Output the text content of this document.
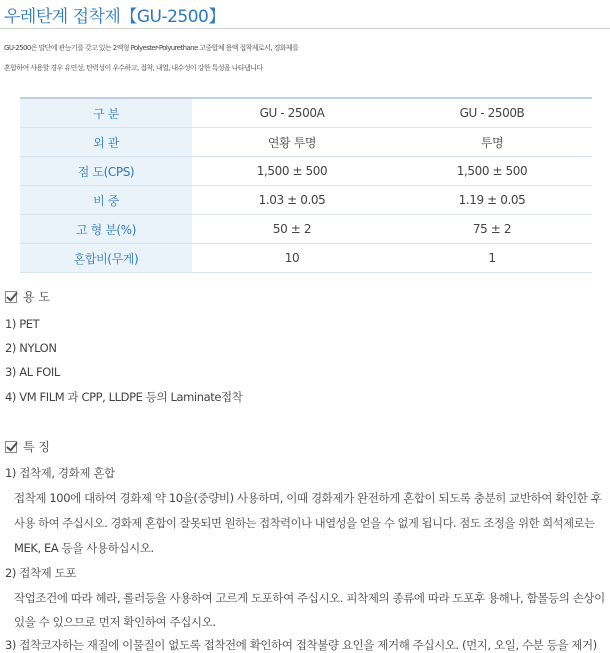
우레탄계 접착제【GU-2500】
GU-2500은 말단에 관능기를 갖고 있는 2액형 Polyester-Polyurethane 고중합체 용액 접착제로서, 경화제를
혼합하여 사용할 경우 유연성, 탄력성이 우수하고, 접착, 내열, 내수성이 강한 특성을 나타냅니다
구 분	GU - 2500A	GU - 2500B
외 관	연황 투명	투명
점 도(CPS)	1,500 ± 500	1,500 ± 500
비 중	1.03 ± 0.05	1.19 ± 0.05
고 형 분(%)	50 ± 2	75 ± 2
혼합비(무게)	10	1
용 도
1) PET
2) NYLON
3) AL FOIL
4) VM FILM 과 CPP, LLDPE 등의 Laminate접착
특 징
1) 접착제, 경화제 혼합
접착제 100에 대하여 경화제 약 10을(중량비) 사용하며, 이때 경화제가 완전하게 혼합이 되도록 충분히 교반하여 확인한 후
사용 하여 주십시오. 경화제 혼합이 잘못되면 원하는 접착력이나 내열성을 얻을 수 없게 됩니다. 점도 조정을 위한 희석제로는
MEK, EA 등을 사용하십시오.
2) 접착제 도포
작업조건에 따라 헤라, 롤러등을 사용하여 고르게 도포하여 주십시오. 피착제의 종류에 따라 도포후 용해나, 함몰등의 손상이
있을 수 있으므로 먼저 확인하여 주십시오.
3) 접착코자하는 재질에 이물질이 없도록 접착전에 확인하여 접착불량 요인을 제거해 주십시오. (먼지, 오일, 수분 등을 제거)
